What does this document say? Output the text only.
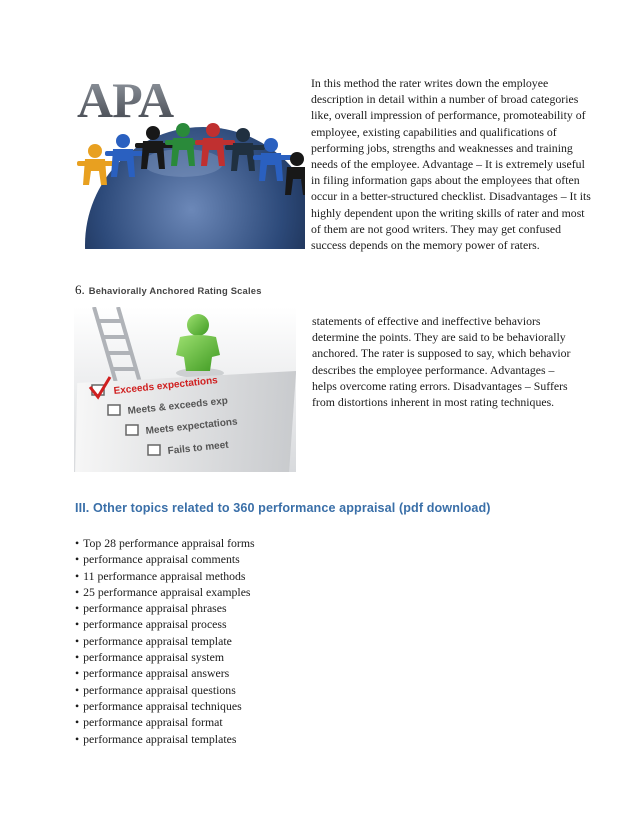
APA	In this method the rater writes down the employee description in detail within a number of broad categories like, overall impression of performance, promoteability of employee, existing capabilities and qualifications of performing jobs, strengths and weaknesses and training needs of the employee. Advantage – It is extremely useful in filing information gaps about the employees that often occur in a better-structured checklist. Disadvantages – It its highly dependent upon the writing skills of rater and most of them are not good writers. They may get confused success depends on the memory power of raters.
6. Behaviorally Anchored Rating Scales
Exceeds expectations
Meets & exceeds exp
Meets expectations
Fails to meet
statements of effective and ineffective behaviors determine the points. They are said to be behaviorally anchored. The rater is supposed to say, which behavior describes the employee performance. Advantages – helps overcome rating errors. Disadvantages – Suffers from distortions inherent in most rating techniques.
III. Other topics related to 360 performance appraisal (pdf download)
• Top 28 performance appraisal forms
• performance appraisal comments
• 11 performance appraisal methods
• 25 performance appraisal examples
• performance appraisal phrases
• performance appraisal process
• performance appraisal template
• performance appraisal system
• performance appraisal answers
• performance appraisal questions
• performance appraisal techniques
• performance appraisal format
• performance appraisal templates
